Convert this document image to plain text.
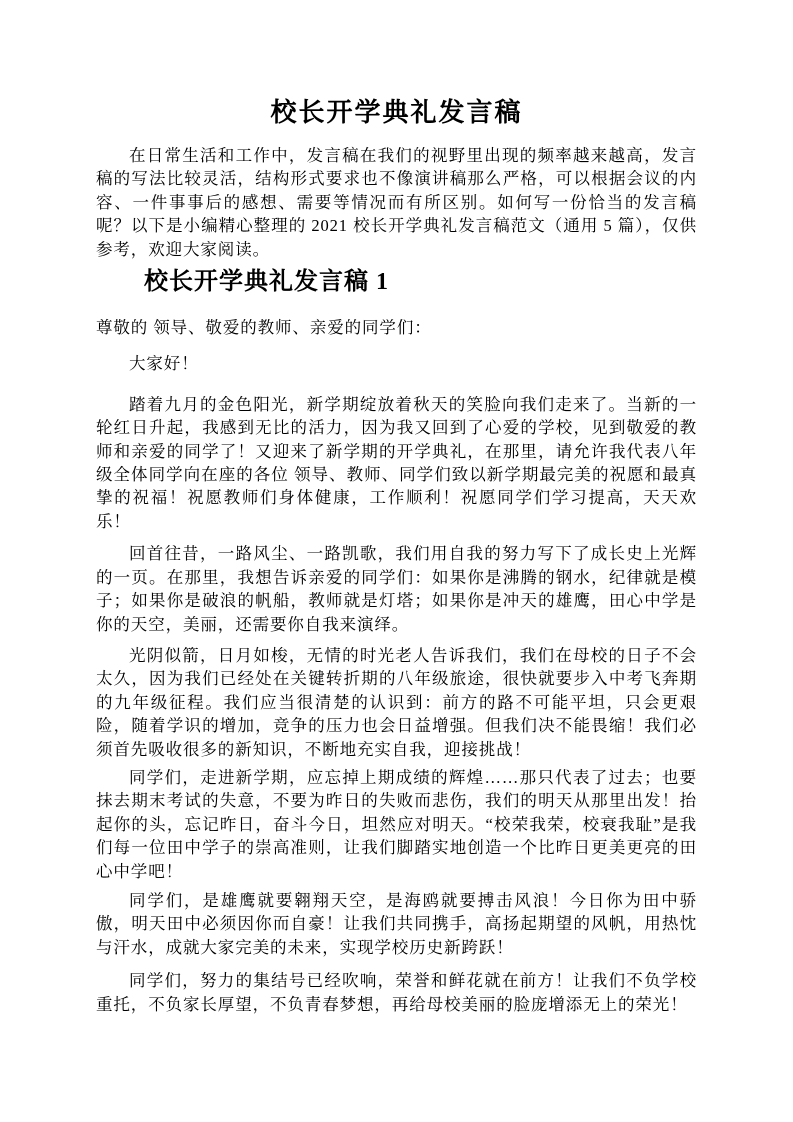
校长开学典礼发言稿

在日常生活和工作中，发言稿在我们的视野里出现的频率越来越高，发言稿的写法比较灵活，结构形式要求也不像演讲稿那么严格，可以根据会议的内容、一件事事后的感想、需要等情况而有所区别。如何写一份恰当的发言稿呢？以下是小编精心整理的 2021 校长开学典礼发言稿范文（通用 5 篇），仅供参考，欢迎大家阅读。

校长开学典礼发言稿 1

尊敬的 领导、敬爱的教师、亲爱的同学们：

大家好！

踏着九月的金色阳光，新学期绽放着秋天的笑脸向我们走来了。当新的一轮红日升起，我感到无比的活力，因为我又回到了心爱的学校，见到敬爱的教师和亲爱的同学了！又迎来了新学期的开学典礼，在那里，请允许我代表八年级全体同学向在座的各位 领导、教师、同学们致以新学期最完美的祝愿和最真挚的祝福！祝愿教师们身体健康，工作顺利！祝愿同学们学习提高，天天欢乐！

回首往昔，一路风尘、一路凯歌，我们用自我的努力写下了成长史上光辉的一页。在那里，我想告诉亲爱的同学们：如果你是沸腾的钢水，纪律就是模子；如果你是破浪的帆船，教师就是灯塔；如果你是冲天的雄鹰，田心中学是你的天空，美丽，还需要你自我来演绎。

光阴似箭，日月如梭，无情的时光老人告诉我们，我们在母校的日子不会太久，因为我们已经处在关键转折期的八年级旅途，很快就要步入中考飞奔期的九年级征程。我们应当很清楚的认识到：前方的路不可能平坦，只会更艰险，随着学识的增加，竞争的压力也会日益增强。但我们决不能畏缩！我们必须首先吸收很多的新知识，不断地充实自我，迎接挑战！

同学们，走进新学期，应忘掉上期成绩的辉煌……那只代表了过去；也要抹去期末考试的失意，不要为昨日的失败而悲伤，我们的明天从那里出发！抬起你的头，忘记昨日，奋斗今日，坦然应对明天。“校荣我荣，校衰我耻”是我们每一位田中学子的崇高准则，让我们脚踏实地创造一个比昨日更美更亮的田心中学吧！

同学们，是雄鹰就要翱翔天空，是海鸥就要搏击风浪！今日你为田中骄傲，明天田中必须因你而自豪！让我们共同携手，高扬起期望的风帆，用热忱与汗水，成就大家完美的未来，实现学校历史新跨跃！

同学们，努力的集结号已经吹响，荣誉和鲜花就在前方！让我们不负学校重托，不负家长厚望，不负青春梦想，再给母校美丽的脸庞增添无上的荣光！
